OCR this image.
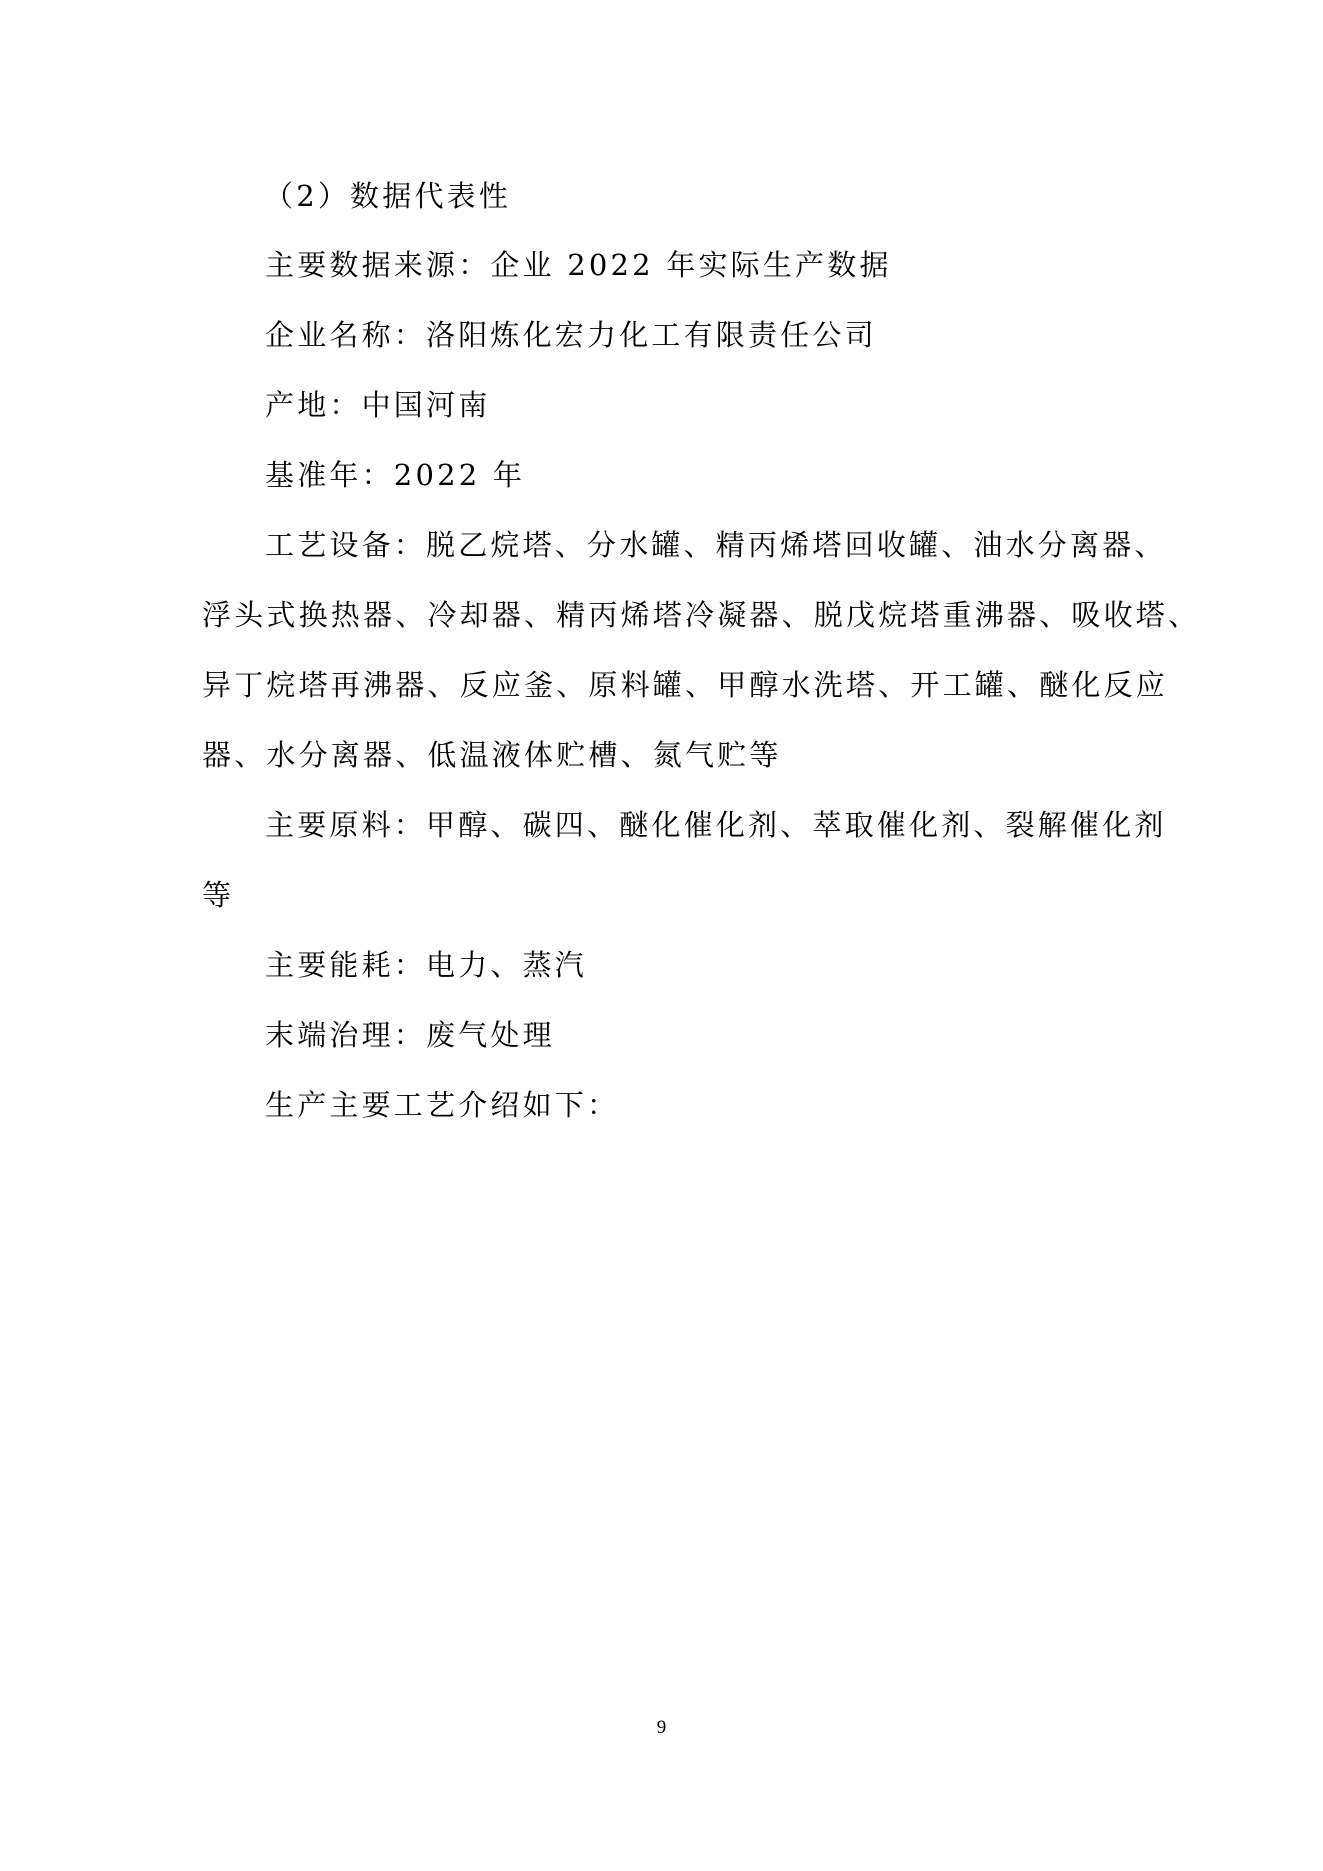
（2）数据代表性

主要数据来源：企业 2022 年实际生产数据

企业名称：洛阳炼化宏力化工有限责任公司

产地：中国河南

基准年：2022 年

工艺设备：脱乙烷塔、分水罐、精丙烯塔回收罐、油水分离器、

浮头式换热器、冷却器、精丙烯塔冷凝器、脱戊烷塔重沸器、吸收塔、

异丁烷塔再沸器、反应釜、原料罐、甲醇水洗塔、开工罐、醚化反应

器、水分离器、低温液体贮槽、氮气贮等

主要原料：甲醇、碳四、醚化催化剂、萃取催化剂、裂解催化剂

等

主要能耗：电力、蒸汽

末端治理：废气处理

生产主要工艺介绍如下：

9
